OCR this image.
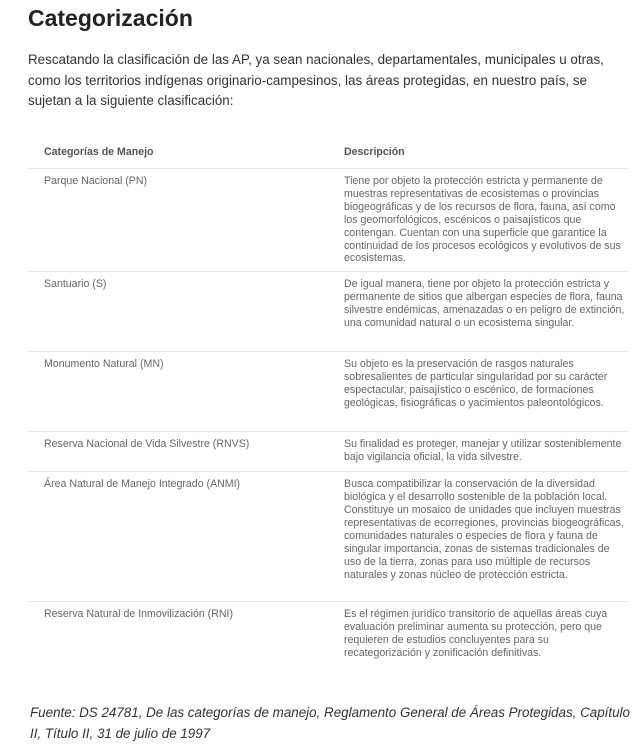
Categorización

Rescatando la clasificación de las AP, ya sean nacionales, departamentales, municipales u otras, como los territorios indígenas originario-campesinos, las áreas protegidas, en nuestro país, se sujetan a la siguiente clasificación:

Categorías de Manejo	Descripción
Parque Nacional (PN)	Tiene por objeto la protección estricta y permanente de muestras representativas de ecosistemas o provincias biogeográficas y de los recursos de flora, fauna, así como los geomorfológicos, escénicos o paisajísticos que contengan. Cuentan con una superficie que garantice la continuidad de los procesos ecológicos y evolutivos de sus ecosistemas.
Santuario (S)	De igual manera, tiene por objeto la protección estricta y permanente de sitios que albergan especies de flora, fauna silvestre endémicas, amenazadas o en peligro de extinción, una comunidad natural o un ecosistema singular.
Monumento Natural (MN)	Su objeto es la preservación de rasgos naturales sobresalientes de particular singularidad por su carácter espectacular, paisajístico o escénico, de formaciones geológicas, fisiográficas o yacimientos paleontológicos.
Reserva Nacional de Vida Silvestre (RNVS)	Su finalidad es proteger, manejar y utilizar sosteniblemente bajo vigilancia oficial, la vida silvestre.
Área Natural de Manejo Integrado (ANMI)	Busca compatibilizar la conservación de la diversidad biológica y el desarrollo sostenible de la población local. Constituye un mosaico de unidades que incluyen muestras representativas de ecorregiones, provincias biogeográficas, comunidades naturales o especies de flora y fauna de singular importancia, zonas de sistemas tradicionales de uso de la tierra, zonas para uso múltiple de recursos naturales y zonas núcleo de protección estricta.
Reserva Natural de Inmovilización (RNI)	Es el régimen jurídico transitorio de aquellas áreas cuya evaluación preliminar aumenta su protección, pero que requieren de estudios concluyentes para su recategorización y zonificación definitivas.

Fuente: DS 24781, De las categorías de manejo, Reglamento General de Áreas Protegidas, Capítulo II, Título II, 31 de julio de 1997
